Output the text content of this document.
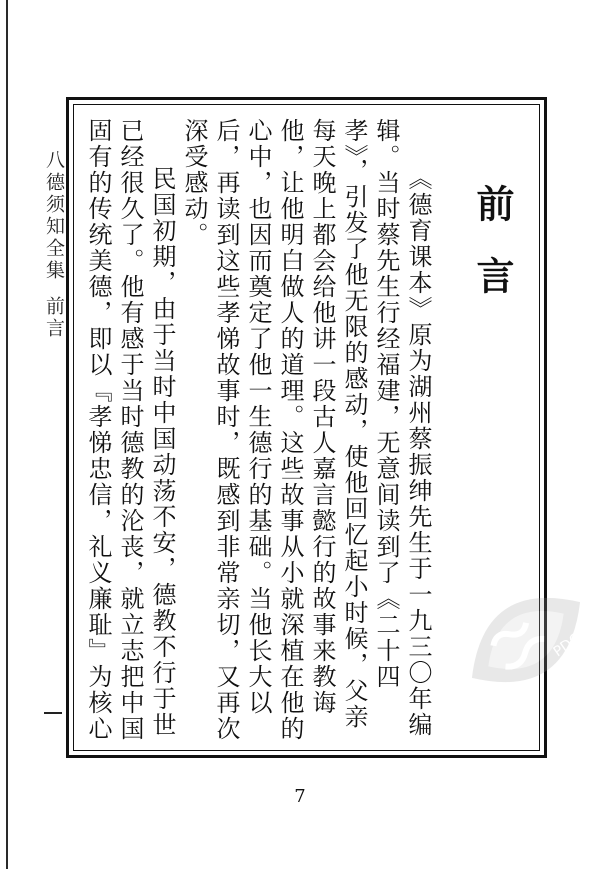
八德须知全集前言	前言

《德育课本》原为湖州蔡振绅先生于一九三〇年编辑。当时蔡先生行经福建，无意间读到了《二十四孝》，引发了他无限的感动，使他回忆起小时候，父亲每天晚上都会给他讲一段古人嘉言懿行的故事来教诲他，让他明白做人的道理。这些故事从小就深植在他的心中，也因而奠定了他一生德行的基础。当他长大以后，再读到这些孝悌故事时，既感到非常亲切，又再次深受感动。

民国初期，由于当时中国动荡不安，德教不行于世已经很久了。他有感于当时德教的沦丧，就立志把中国固有的传统美德，即以『孝悌忠信，礼义廉耻』为核心

7
PDG
